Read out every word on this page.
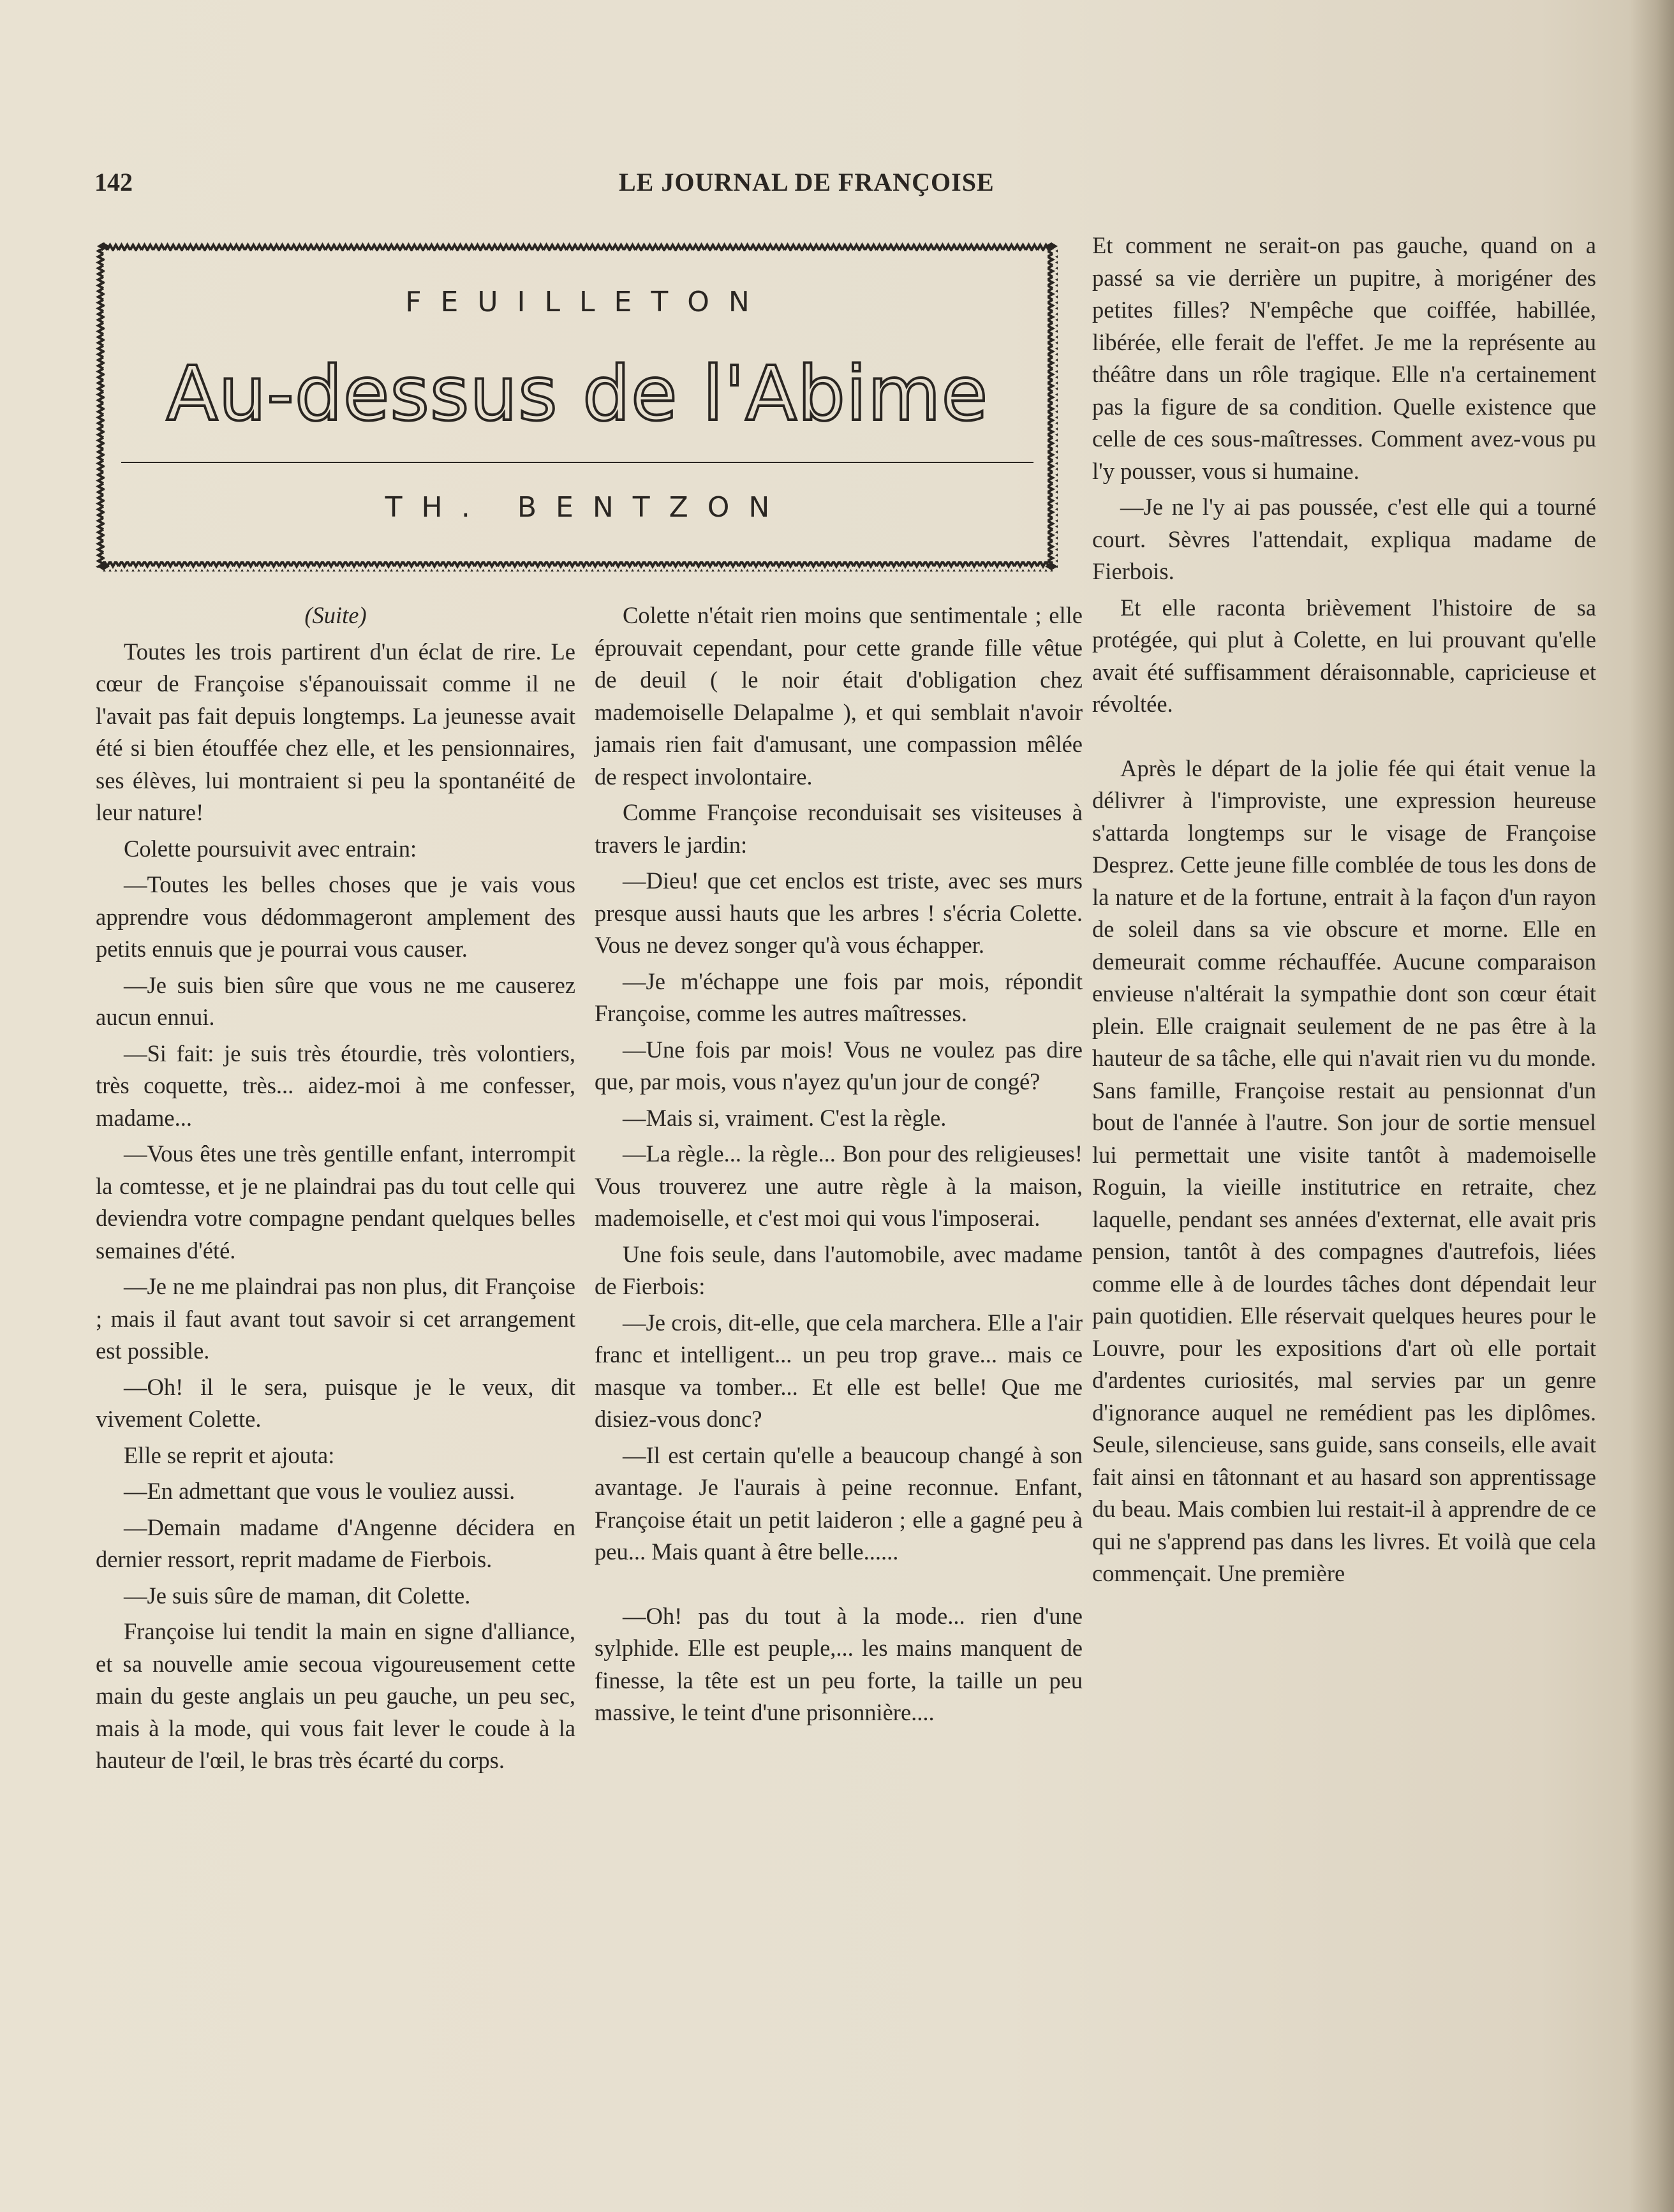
142	LE JOURNAL DE FRANÇOISE
FEUILLETON
Au-dessus de l'Abime
TH. BENTZON

(Suite)

Toutes les trois partirent d'un éclat de rire. Le cœur de Françoise s'épanouissait comme il ne l'avait pas fait depuis longtemps. La jeunesse avait été si bien étouffée chez elle, et les pensionnaires, ses élèves, lui montraient si peu la spontanéité de leur nature!

Colette poursuivit avec entrain:

—Toutes les belles choses que je vais vous apprendre vous dédommageront amplement des petits ennuis que je pourrai vous causer.

—Je suis bien sûre que vous ne me causerez aucun ennui.

—Si fait: je suis très étourdie, très volontiers, très coquette, très... aidez-moi à me confesser, madame...

—Vous êtes une très gentille enfant, interrompit la comtesse, et je ne plaindrai pas du tout celle qui deviendra votre compagne pendant quelques belles semaines d'été.

—Je ne me plaindrai pas non plus, dit Françoise ; mais il faut avant tout savoir si cet arrangement est possible.

—Oh! il le sera, puisque je le veux, dit vivement Colette.

Elle se reprit et ajouta:

—En admettant que vous le vouliez aussi.

—Demain madame d'Angenne décidera en dernier ressort, reprit madame de Fierbois.

—Je suis sûre de maman, dit Colette.

Françoise lui tendit la main en signe d'alliance, et sa nouvelle amie secoua vigoureusement cette main du geste anglais un peu gauche, un peu sec, mais à la mode, qui vous fait lever le coude à la hauteur de l'œil, le bras très écarté du corps.

Colette n'était rien moins que sentimentale ; elle éprouvait cependant, pour cette grande fille vêtue de deuil ( le noir était d'obligation chez mademoiselle Delapalme ), et qui semblait n'avoir jamais rien fait d'amusant, une compassion mêlée de respect involontaire.

Comme Françoise reconduisait ses visiteuses à travers le jardin:

—Dieu! que cet enclos est triste, avec ses murs presque aussi hauts que les arbres ! s'écria Colette. Vous ne devez songer qu'à vous échapper.

—Je m'échappe une fois par mois, répondit Françoise, comme les autres maîtresses.

—Une fois par mois! Vous ne voulez pas dire que, par mois, vous n'ayez qu'un jour de congé?

—Mais si, vraiment. C'est la règle.

—La règle... la règle... Bon pour des religieuses! Vous trouverez une autre règle à la maison, mademoiselle, et c'est moi qui vous l'imposerai.

Une fois seule, dans l'automobile, avec madame de Fierbois:

—Je crois, dit-elle, que cela marchera. Elle a l'air franc et intelligent... un peu trop grave... mais ce masque va tomber... Et elle est belle! Que me disiez-vous donc?

—Il est certain qu'elle a beaucoup changé à son avantage. Je l'aurais à peine reconnue. Enfant, Françoise était un petit laideron ; elle a gagné peu à peu... Mais quant à être belle......

—Oh! pas du tout à la mode... rien d'une sylphide. Elle est peuple,... les mains manquent de finesse, la tête est un peu forte, la taille un peu massive, le teint d'une prisonnière....

Et comment ne serait-on pas gauche, quand on a passé sa vie derrière un pupitre, à morigéner des petites filles? N'empêche que coiffée, habillée, libérée, elle ferait de l'effet. Je me la représente au théâtre dans un rôle tragique. Elle n'a certainement pas la figure de sa condition. Quelle existence que celle de ces sous-maîtresses. Comment avez-vous pu l'y pousser, vous si humaine.

—Je ne l'y ai pas poussée, c'est elle qui a tourné court. Sèvres l'attendait, expliqua madame de Fierbois.

Et elle raconta brièvement l'histoire de sa protégée, qui plut à Colette, en lui prouvant qu'elle avait été suffisamment déraisonnable, capricieuse et révoltée.

Après le départ de la jolie fée qui était venue la délivrer à l'improviste, une expression heureuse s'attarda longtemps sur le visage de Françoise Desprez. Cette jeune fille comblée de tous les dons de la nature et de la fortune, entrait à la façon d'un rayon de soleil dans sa vie obscure et morne. Elle en demeurait comme réchauffée. Aucune comparaison envieuse n'altérait la sympathie dont son cœur était plein. Elle craignait seulement de ne pas être à la hauteur de sa tâche, elle qui n'avait rien vu du monde. Sans famille, Françoise restait au pensionnat d'un bout de l'année à l'autre. Son jour de sortie mensuel lui permettait une visite tantôt à mademoiselle Roguin, la vieille institutrice en retraite, chez laquelle, pendant ses années d'externat, elle avait pris pension, tantôt à des compagnes d'autrefois, liées comme elle à de lourdes tâches dont dépendait leur pain quotidien. Elle réservait quelques heures pour le Louvre, pour les expositions d'art où elle portait d'ardentes curiosités, mal servies par un genre d'ignorance auquel ne remédient pas les diplômes. Seule, silencieuse, sans guide, sans conseils, elle avait fait ainsi en tâtonnant et au hasard son apprentissage du beau. Mais combien lui restait-il à apprendre de ce qui ne s'apprend pas dans les livres. Et voilà que cela commençait. Une première
